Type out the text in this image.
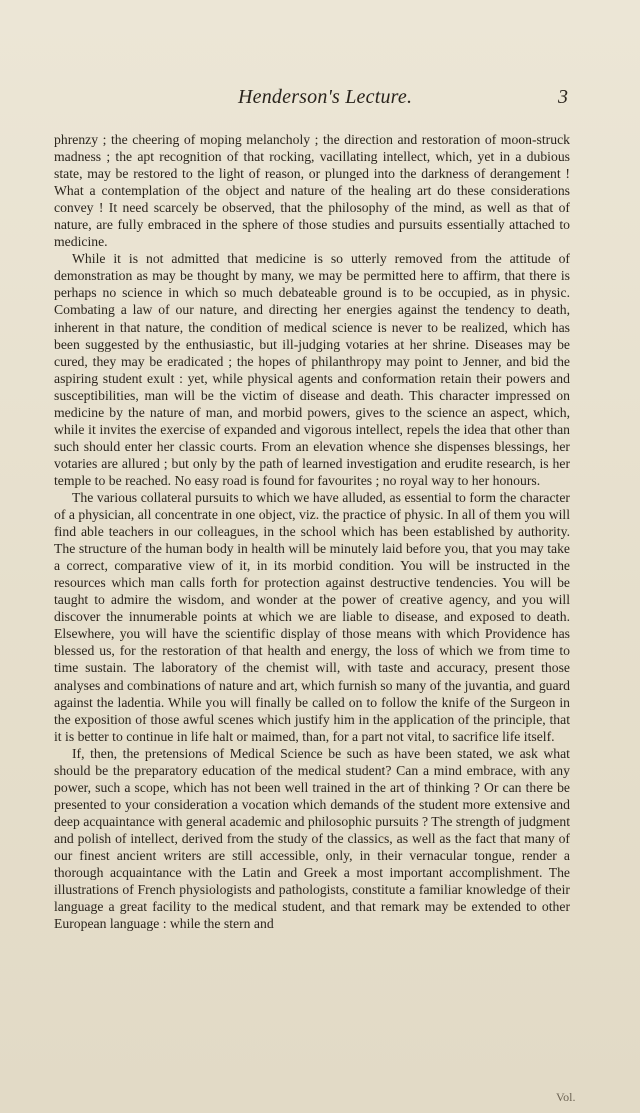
Henderson's Lecture.	3

phrenzy ; the cheering of moping melancholy ; the direction and restoration of moon-struck madness ; the apt recognition of that rocking, vacillating intellect, which, yet in a dubious state, may be restored to the light of reason, or plunged into the darkness of derangement ! What a contemplation of the object and nature of the healing art do these considerations convey ! It need scarcely be observed, that the philosophy of the mind, as well as that of nature, are fully embraced in the sphere of those studies and pursuits essentially attached to medicine.

While it is not admitted that medicine is so utterly removed from the attitude of demonstration as may be thought by many, we may be permitted here to affirm, that there is perhaps no science in which so much debateable ground is to be occupied, as in physic. Combating a law of our nature, and directing her energies against the tendency to death, inherent in that nature, the condition of medical science is never to be realized, which has been suggested by the enthusiastic, but ill-judging votaries at her shrine. Diseases may be cured, they may be eradicated ; the hopes of philanthropy may point to Jenner, and bid the aspiring student exult : yet, while physical agents and conformation retain their powers and susceptibilities, man will be the victim of disease and death. This character impressed on medicine by the nature of man, and morbid powers, gives to the science an aspect, which, while it invites the exercise of expanded and vigorous intellect, repels the idea that other than such should enter her classic courts. From an elevation whence she dispenses blessings, her votaries are allured ; but only by the path of learned investigation and erudite research, is her temple to be reached. No easy road is found for favourites ; no royal way to her honours.

The various collateral pursuits to which we have alluded, as essential to form the character of a physician, all concentrate in one object, viz. the practice of physic. In all of them you will find able teachers in our colleagues, in the school which has been established by authority. The structure of the human body in health will be minutely laid before you, that you may take a correct, comparative view of it, in its morbid condition. You will be instructed in the resources which man calls forth for protection against destructive tendencies. You will be taught to admire the wisdom, and wonder at the power of creative agency, and you will discover the innumerable points at which we are liable to disease, and exposed to death. Elsewhere, you will have the scientific display of those means with which Providence has blessed us, for the restoration of that health and energy, the loss of which we from time to time sustain. The laboratory of the chemist will, with taste and accuracy, present those analyses and combinations of nature and art, which furnish so many of the juvantia, and guard against the ladentia. While you will finally be called on to follow the knife of the Surgeon in the exposition of those awful scenes which justify him in the application of the principle, that it is better to continue in life halt or maimed, than, for a part not vital, to sacrifice life itself.

If, then, the pretensions of Medical Science be such as have been stated, we ask what should be the preparatory education of the medical student? Can a mind embrace, with any power, such a scope, which has not been well trained in the art of thinking ? Or can there be presented to your consideration a vocation which demands of the student more extensive and deep acquaintance with general academic and philosophic pursuits ? The strength of judgment and polish of intellect, derived from the study of the classics, as well as the fact that many of our finest ancient writers are still accessible, only, in their vernacular tongue, render a thorough acquaintance with the Latin and Greek a most important accomplishment. The illustrations of French physiologists and pathologists, constitute a familiar knowledge of their language a great facility to the medical student, and that remark may be extended to other European language : while the stern and

Vol.
